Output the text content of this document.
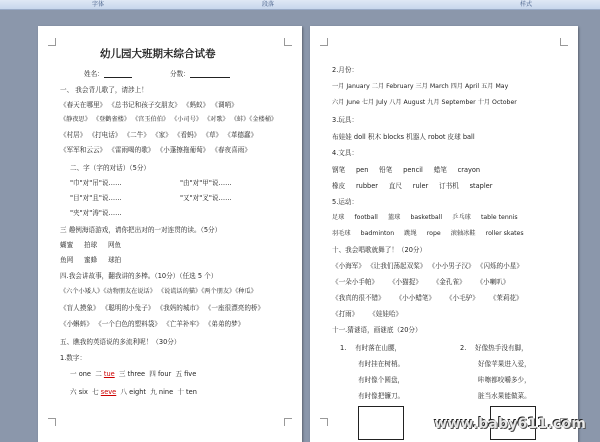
字体	段落	样式
幼儿园大班期末综合试卷
姓名：	分数：
一、 我会背儿歌了，请涉上！
《春天在哪里》 《总书记和孩子交朋友》 《蚂蚁》 《调哨》
《静夜思》 《登鹳雀楼》 《宫玉伯伯》 《小司号》 《对歌》 《蚌》《金楼桶》
《村居》 《打电话》 《二牛》 《家》 《看蚂》 《草》 《革德蠢》
《军军和云云》 《雷雨喝的歌》 《小蓬擦拖葡萄》 《春夜喜雨》
二、字（字的对话）（5分）
"巾"对"吊"说……	"由"对"甲"说……
"目"对"且"说……	"又"对"叉"说……
"夹"对"涛"说……
三 趣例海语游戏，请你把出对的一对连贯的读。（5分）
蝴蜜 　 拍球 　 网鱼
鱼网 　 蜜蜂 　 球拍
四.我会讲故事，翻我讲的多棒。（10分）（任选 5 个）
《六个小矮人》《动物朋友在说话》 《说谎话的猫》《两个朋友》《种瓜》
《盲人摸象》 《聪明的小兔子》 《我妈的城市》 《一座很漂亮的桥》
《小蝌蚪》 《一个白色的塑料袋》 《亡羊补牢》 《弟弟的梦》
五、瞧我的英语说的多流利呢！（30分）
1.数字：
一 one 二 tue 三 three 四 four 五 five
六 six 七 seve 八 eight 九 nine 十 ten
2.月份：
一月 January 二月 February 三月 March 四月 April 五月 May
六月 June 七月 July 八月 August 九月 September 十月 October
3.玩具：
布娃娃 doll 积木 blocks 机器人 robot 皮球 ball
4.文具：
钢笔 　 pen 　 铅笔 　 pencil 　 蜡笔 　 crayon
橡皮 　 rubber 　 直尺 　 ruler 　 订书机 　 stapler
5.运动：
足球 　 football 　 篮球 　 basketball 　 乒乓球 　 table tennis
羽毛球 　 badminton 　 跳绳 　 rope 　 滚轴冰鞋 　 roller skates
十、我会唱歌就舞了！（20分）
《小海军》 《让我们荡起双桨》 《小小男子汉》 《闪烁的小星》
《一朵小手帕》 　 《小猫捉》 　 《金孔雀》 　 《小喇叭》
《我真的很不错》 　 《小小蜡笔》 　 《小毛驴》 　 《茉莉花》
《打雨》 　 《娃娃哈》
十一.猜谜语，画谜底（20分）
1.　 有时落在山腰，
有时挂在树梢。
有时像个圆盘，
有时像把镰刀。
2.　 好像热手没有脚，
好像苹果进入爱，
咔嚓都咬嚼多少，
脏当水果能做菜。
www.baby611.com
